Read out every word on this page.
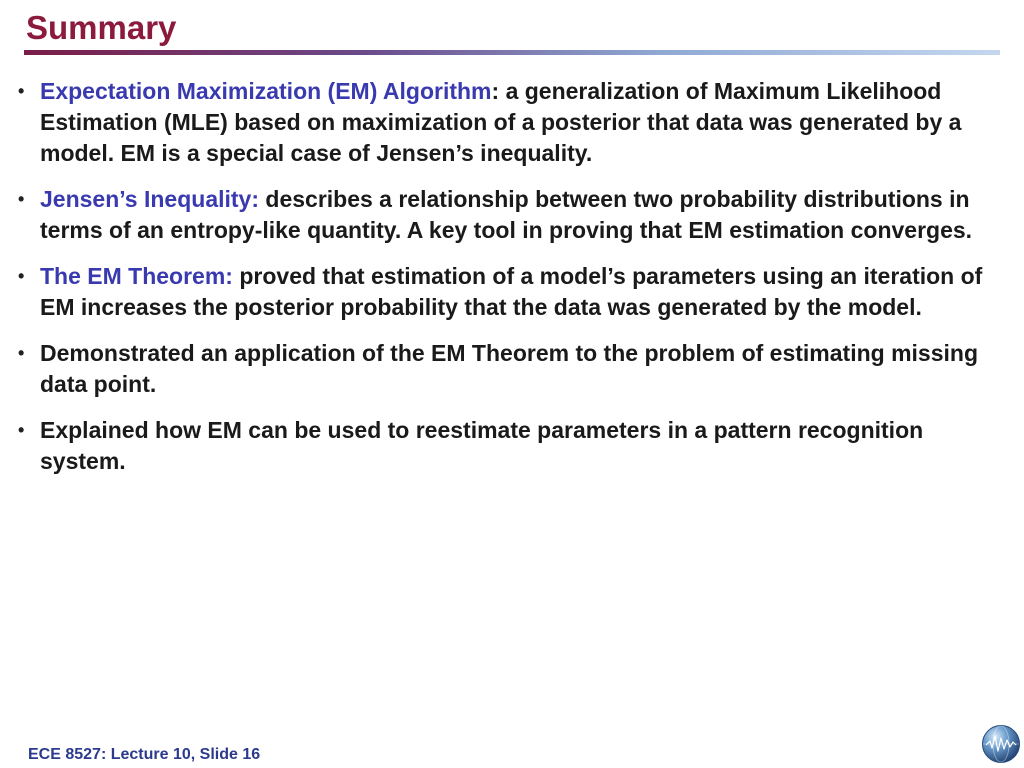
Summary
• Expectation Maximization (EM) Algorithm: a generalization of Maximum Likelihood Estimation (MLE) based on maximization of a posterior that data was generated by a model. EM is a special case of Jensen’s inequality.
• Jensen’s Inequality: describes a relationship between two probability distributions in terms of an entropy-like quantity. A key tool in proving that EM estimation converges.
• The EM Theorem: proved that estimation of a model’s parameters using an iteration of EM increases the posterior probability that the data was generated by the model.
• Demonstrated an application of the EM Theorem to the problem of estimating missing data point.
• Explained how EM can be used to reestimate parameters in a pattern recognition system.
ECE 8527: Lecture 10, Slide 16
